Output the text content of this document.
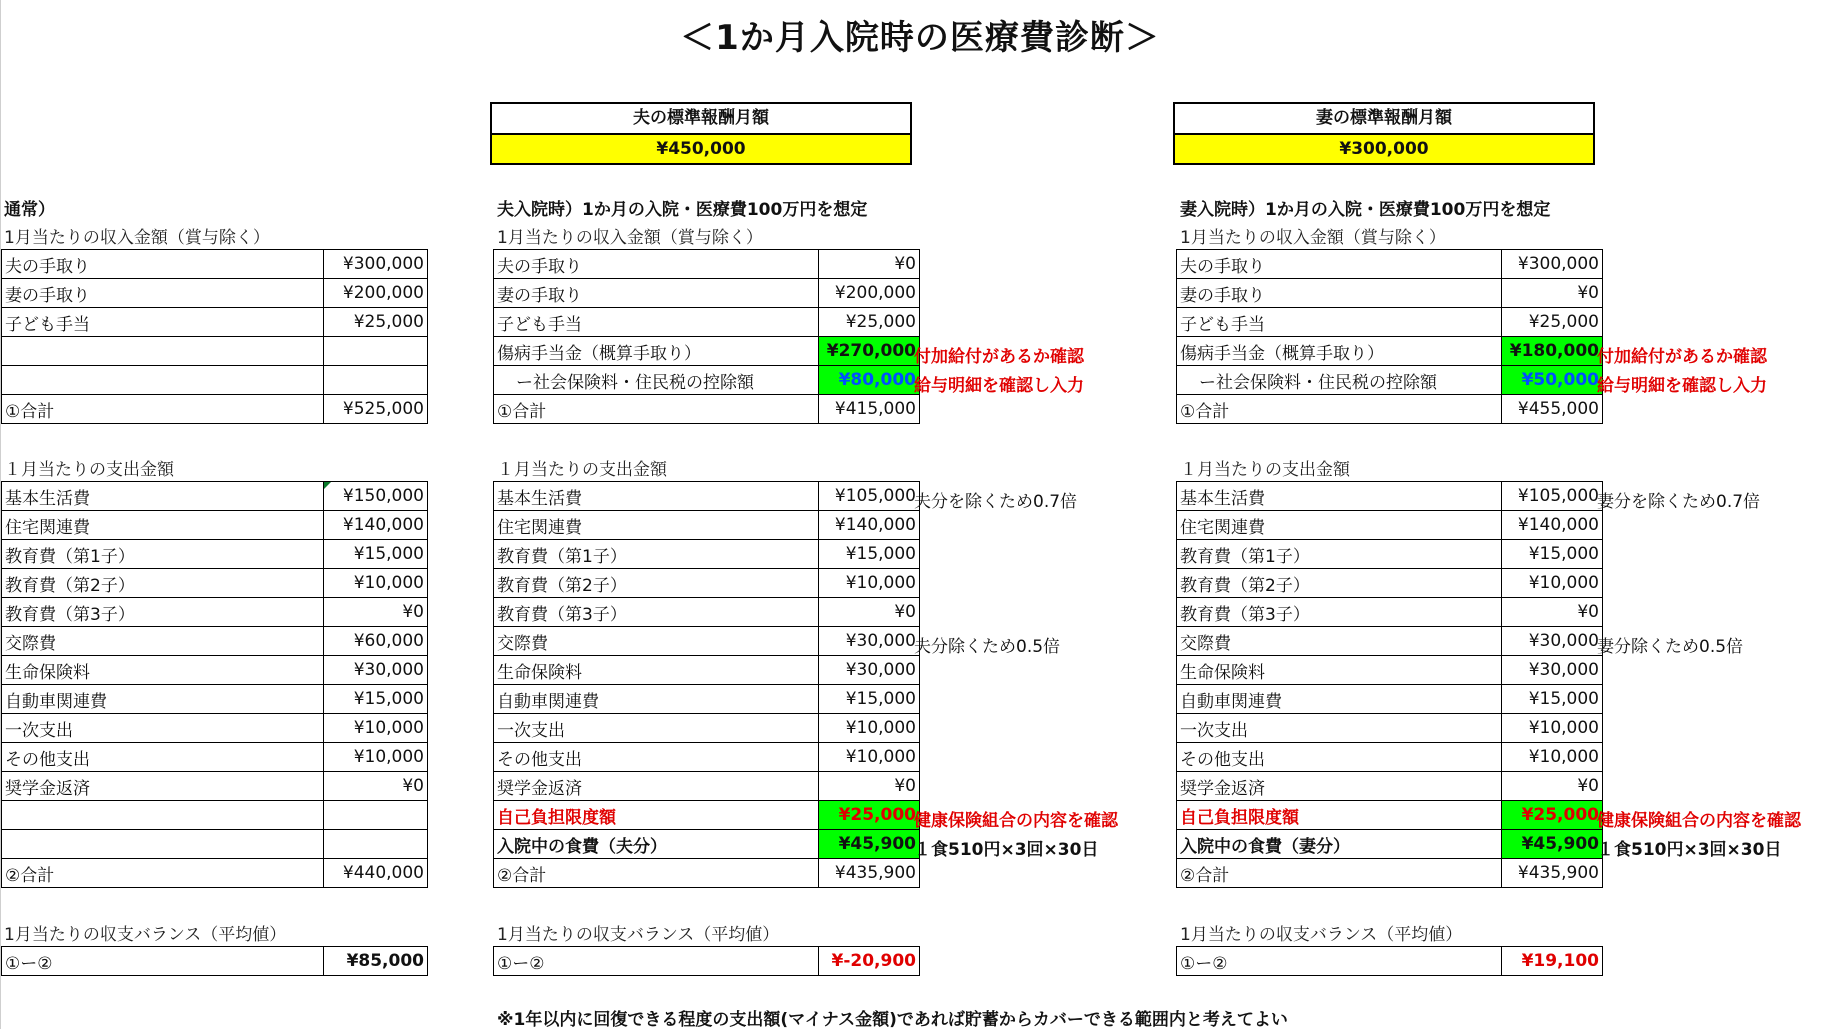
＜1か月入院時の医療費診断＞
夫の標準報酬月額
¥450,000
妻の標準報酬月額
¥300,000
通常）
1月当たりの収入金額（賞与除く）
夫の手取り	¥300,000
妻の手取り	¥200,000
子ども手当	¥25,000

①合計	¥525,000
１月当たりの支出金額
基本生活費	¥150,000
住宅関連費	¥140,000
教育費（第1子）	¥15,000
教育費（第2子）	¥10,000
教育費（第3子）	¥0
交際費	¥60,000
生命保険料	¥30,000
自動車関連費	¥15,000
一次支出	¥10,000
その他支出	¥10,000
奨学金返済	¥0

②合計	¥440,000
1月当たりの収支バランス（平均値）
①ー②	¥85,000
夫入院時）1か月の入院・医療費100万円を想定
1月当たりの収入金額（賞与除く）
夫の手取り	¥0
妻の手取り	¥200,000
子ども手当	¥25,000
傷病手当金（概算手取り）	¥270,000
ー社会保険料・住民税の控除額	¥80,000
①合計	¥415,000
付加給付があるか確認
給与明細を確認し入力
１月当たりの支出金額
基本生活費	¥105,000
住宅関連費	¥140,000
教育費（第1子）	¥15,000
教育費（第2子）	¥10,000
教育費（第3子）	¥0
交際費	¥30,000
生命保険料	¥30,000
自動車関連費	¥15,000
一次支出	¥10,000
その他支出	¥10,000
奨学金返済	¥0
自己負担限度額	¥25,000
入院中の食費（夫分）	¥45,900
②合計	¥435,900
夫分を除くため0.7倍
夫分除くため0.5倍
健康保険組合の内容を確認
１食510円×3回×30日
1月当たりの収支バランス（平均値）
①ー②	¥-20,900
妻入院時）1か月の入院・医療費100万円を想定
1月当たりの収入金額（賞与除く）
夫の手取り	¥300,000
妻の手取り	¥0
子ども手当	¥25,000
傷病手当金（概算手取り）	¥180,000
ー社会保険料・住民税の控除額	¥50,000
①合計	¥455,000
付加給付があるか確認
給与明細を確認し入力
１月当たりの支出金額
基本生活費	¥105,000
住宅関連費	¥140,000
教育費（第1子）	¥15,000
教育費（第2子）	¥10,000
教育費（第3子）	¥0
交際費	¥30,000
生命保険料	¥30,000
自動車関連費	¥15,000
一次支出	¥10,000
その他支出	¥10,000
奨学金返済	¥0
自己負担限度額	¥25,000
入院中の食費（妻分）	¥45,900
②合計	¥435,900
妻分を除くため0.7倍
妻分除くため0.5倍
健康保険組合の内容を確認
１食510円×3回×30日
1月当たりの収支バランス（平均値）
①ー②	¥19,100
※1年以内に回復できる程度の支出額(マイナス金額)であれば貯蓄からカバーできる範囲内と考えてよい
